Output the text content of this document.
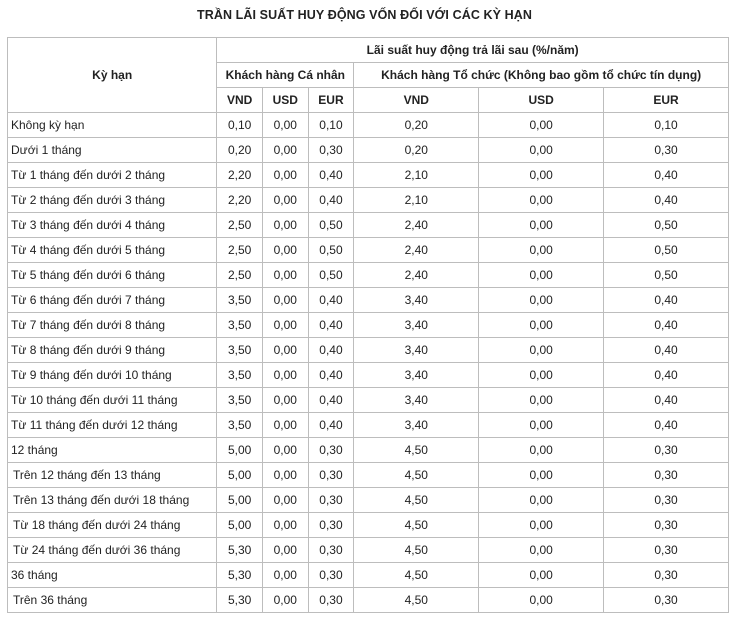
TRẦN LÃI SUẤT HUY ĐỘNG VỐN ĐỐI VỚI CÁC KỲ HẠN
Kỳ hạn	Lãi suất huy động trả lãi sau (%/năm)					
	Khách hàng Cá nhân			Khách hàng Tổ chức (Không bao gồm tổ chức tín dụng)		
	VND	USD	EUR	VND	USD	EUR
Không kỳ hạn	0,10	0,00	0,10	0,20	0,00	0,10
Dưới 1 tháng	0,20	0,00	0,30	0,20	0,00	0,30
Từ 1 tháng đến dưới 2 tháng	2,20	0,00	0,40	2,10	0,00	0,40
Từ 2 tháng đến dưới 3 tháng	2,20	0,00	0,40	2,10	0,00	0,40
Từ 3 tháng đến dưới 4 tháng	2,50	0,00	0,50	2,40	0,00	0,50
Từ 4 tháng đến dưới 5 tháng	2,50	0,00	0,50	2,40	0,00	0,50
Từ 5 tháng đến dưới 6 tháng	2,50	0,00	0,50	2,40	0,00	0,50
Từ 6 tháng đến dưới 7 tháng	3,50	0,00	0,40	3,40	0,00	0,40
Từ 7 tháng đến dưới 8 tháng	3,50	0,00	0,40	3,40	0,00	0,40
Từ 8 tháng đến dưới 9 tháng	3,50	0,00	0,40	3,40	0,00	0,40
Từ 9 tháng đến dưới 10 tháng	3,50	0,00	0,40	3,40	0,00	0,40
Từ 10 tháng đến dưới 11 tháng	3,50	0,00	0,40	3,40	0,00	0,40
Từ 11 tháng đến dưới 12 tháng	3,50	0,00	0,40	3,40	0,00	0,40
12 tháng	5,00	0,00	0,30	4,50	0,00	0,30
Trên 12 tháng đến 13 tháng	5,00	0,00	0,30	4,50	0,00	0,30
Trên 13 tháng đến dưới 18 tháng	5,00	0,00	0,30	4,50	0,00	0,30
Từ 18 tháng đến dưới 24 tháng	5,00	0,00	0,30	4,50	0,00	0,30
Từ 24 tháng đến dưới 36 tháng	5,30	0,00	0,30	4,50	0,00	0,30
36 tháng	5,30	0,00	0,30	4,50	0,00	0,30
Trên 36 tháng	5,30	0,00	0,30	4,50	0,00	0,30
